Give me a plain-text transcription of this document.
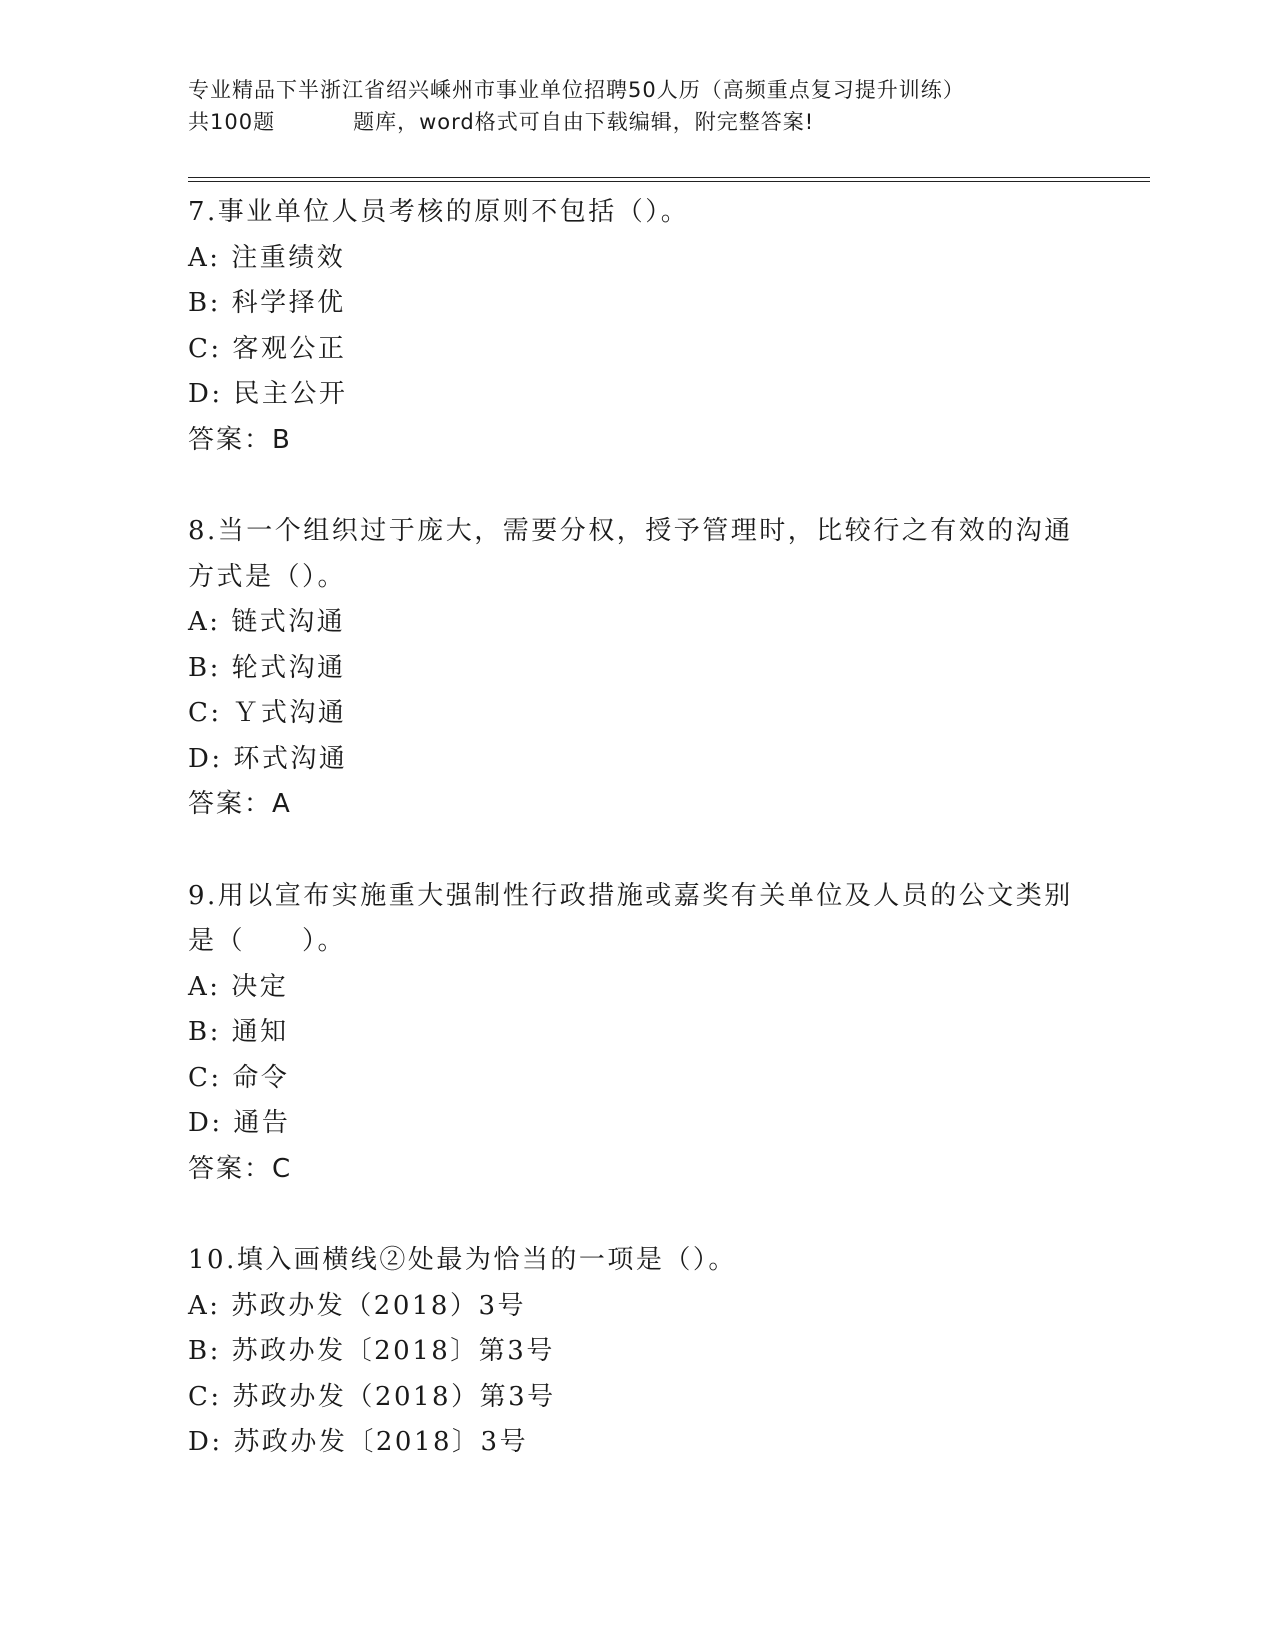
专业精品下半浙江省绍兴嵊州市事业单位招聘50人历（高频重点复习提升训练）
共100题	题库，word格式可自由下载编辑，附完整答案!
7.事业单位人员考核的原则不包括（）。
A: 注重绩效
B: 科学择优
C: 客观公正
D: 民主公开
答案：B
8.当一个组织过于庞大，需要分权，授予管理时，比较行之有效的沟通方式是（）。
A: 链式沟通
B: 轮式沟通
C: Ｙ式沟通
D: 环式沟通
答案：A
9.用以宣布实施重大强制性行政措施或嘉奖有关单位及人员的公文类别是（　　）。
A: 决定
B: 通知
C: 命令
D: 通告
答案：C
10.填入画横线②处最为恰当的一项是（）。
A: 苏政办发（2018）3号
B: 苏政办发〔2018〕第3号
C: 苏政办发（2018）第3号
D: 苏政办发〔2018〕3号
